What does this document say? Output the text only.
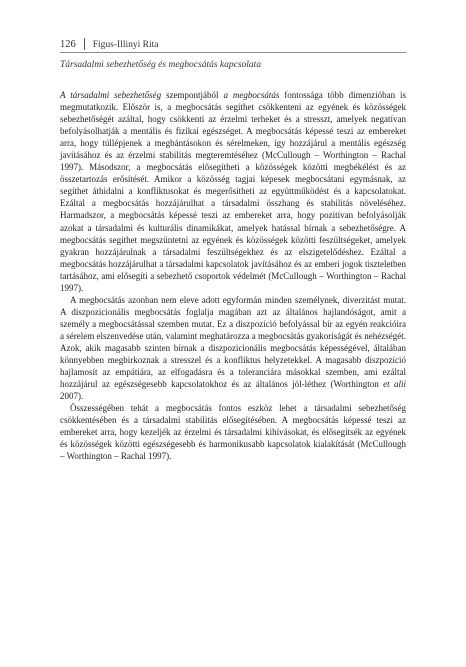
126 Figus-Illinyi Rita
Társadalmi sebezhetőség és megbocsátás kapcsolata

A társadalmi sebezhetőség szempontjából a megbocsátás fontossága több dimenzióban is megmutatkozik. Először is, a megbocsátás segíthet csökkenteni az egyének és közösségek sebezhetőségét azáltal, hogy csökkenti az érzelmi terheket és a stresszt, amelyek negatívan befolyásolhatják a mentális és fizikai egészséget. A megbocsátás képessé teszi az embereket arra, hogy túllépjenek a megbántásokon és sérelmeken, így hozzájárul a mentális egészség javításához és az érzelmi stabilitás megteremtéséhez (McCullough – Worthington – Rachal 1997). Másodszor, a megbocsátás elősegítheti a közösségek közötti megbékélést és az összetartozás erősítését. Amikor a közösség tagjai képesek megbocsátani egymásnak, az segíthet áthidalni a konfliktusokat és megerősítheti az együttműködést és a kapcsolatokat. Ezáltal a megbocsátás hozzájárulhat a társadalmi összhang és stabilitás növeléséhez. Harmadszor, a megbocsátás képessé teszi az embereket arra, hogy pozitívan befolyásolják azokat a társadalmi és kulturális dinamikákat, amelyek hatással bírnak a sebezhetőségre. A megbocsátás segíthet megszüntetni az egyének és közösségek közötti feszültségeket, amelyek gyakran hozzájárulnak a társadalmi feszültségekhez és az elszigetelődéshez. Ezáltal a megbocsátás hozzájárulhat a társadalmi kapcsolatok javításához és az emberi jogok tiszteletben tartásához, ami elősegíti a sebezhető csoportok védelmét (McCullough – Worthington – Rachal 1997).

A megbocsátás azonban nem eleve adott egyformán minden személynek, diverzitást mutat. A diszpozicionális megbocsátás foglalja magában azt az általános hajlandóságot, amit a személy a megbocsátással szemben mutat. Ez a diszpozíció befolyással bír az egyén reakcióira a sérelem elszenvedése után, valamint meghatározza a megbocsátás gyakoriságát és nehézségét. Azok, akik magasabb szinten bírnak a diszpozicionális megbocsátás képességével, általában könnyebben megbirkoznak a stresszel és a konfliktus helyzetekkel. A magasabb diszpozíció hajlamosít az empátiára, az elfogadásra és a toleranciára másokkal szemben, ami ezáltal hozzájárul az egészségesebb kapcsolatokhoz és az általános jól-léthez (Worthington et alii 2007).

Összességében tehát a megbocsátás fontos eszköz lehet a társadalmi sebezhetőség csökkentésében és a társadalmi stabilitás elősegítésében. A megbocsátás képessé teszi az embereket arra, hogy kezeljék az érzelmi és társadalmi kihívásokat, és elősegítsék az egyének és közösségek közötti egészségesebb és harmonikusabb kapcsolatok kialakítását (McCullough – Worthington – Rachal 1997).
